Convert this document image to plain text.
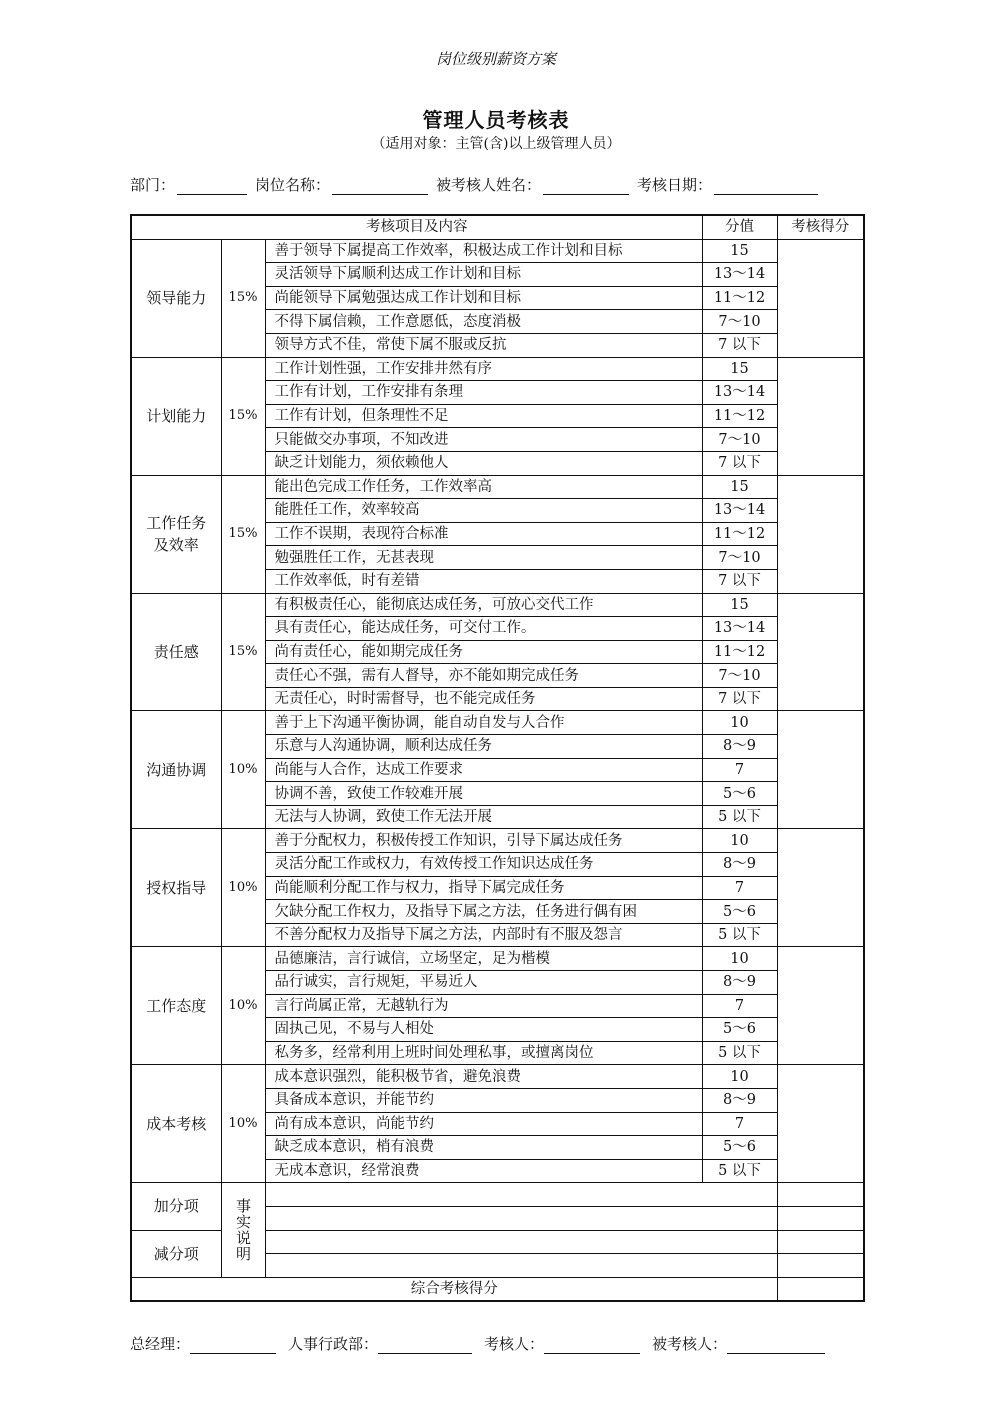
岗位级别薪资方案
管理人员考核表
（适用对象：主管(含)以上级管理人员）
部门：	岗位名称：	被考核人姓名：	考核日期：
考核项目及内容			分值	考核得分
领导能力	15%	善于领导下属提高工作效率，积极达成工作计划和目标	15	
		灵活领导下属顺利达成工作计划和目标	13～14	
		尚能领导下属勉强达成工作计划和目标	11～12	
		不得下属信赖，工作意愿低，态度消极	7～10	
		领导方式不佳，常使下属不服或反抗	7 以下	
计划能力	15%	工作计划性强，工作安排井然有序	15	
		工作有计划，工作安排有条理	13～14	
		工作有计划，但条理性不足	11～12	
		只能做交办事项，不知改进	7～10	
		缺乏计划能力，须依赖他人	7 以下	
工作任务及效率	15%	能出色完成工作任务，工作效率高	15	
		能胜任工作，效率较高	13～14	
		工作不误期，表现符合标准	11～12	
		勉强胜任工作，无甚表现	7～10	
		工作效率低，时有差错	7 以下	
责任感	15%	有积极责任心，能彻底达成任务，可放心交代工作	15	
		具有责任心，能达成任务，可交付工作。	13～14	
		尚有责任心，能如期完成任务	11～12	
		责任心不强，需有人督导，亦不能如期完成任务	7～10	
		无责任心，时时需督导，也不能完成任务	7 以下	
沟通协调	10%	善于上下沟通平衡协调，能自动自发与人合作	10	
		乐意与人沟通协调，顺利达成任务	8～9	
		尚能与人合作，达成工作要求	7	
		协调不善，致使工作较难开展	5～6	
		无法与人协调，致使工作无法开展	5 以下	
授权指导	10%	善于分配权力，积极传授工作知识，引导下属达成任务	10	
		灵活分配工作或权力，有效传授工作知识达成任务	8～9	
		尚能顺利分配工作与权力，指导下属完成任务	7	
		欠缺分配工作权力，及指导下属之方法，任务进行偶有困	5～6	
		不善分配权力及指导下属之方法，内部时有不服及怨言	5 以下	
工作态度	10%	品德廉洁，言行诚信，立场坚定，足为楷模	10	
		品行诚实，言行规矩，平易近人	8～9	
		言行尚属正常，无越轨行为	7	
		固执己见，不易与人相处	5～6	
		私务多，经常利用上班时间处理私事，或擅离岗位	5 以下	
成本考核	10%	成本意识强烈，能积极节省，避免浪费	10	
		具备成本意识，并能节约	8～9	
		尚有成本意识，尚能节约	7	
		缺乏成本意识，梢有浪费	5～6	
		无成本意识，经常浪费	5 以下	
加分项	事实说明			

减分项				

综合考核得分				
总经理：	人事行政部：	考核人：	被考核人：
